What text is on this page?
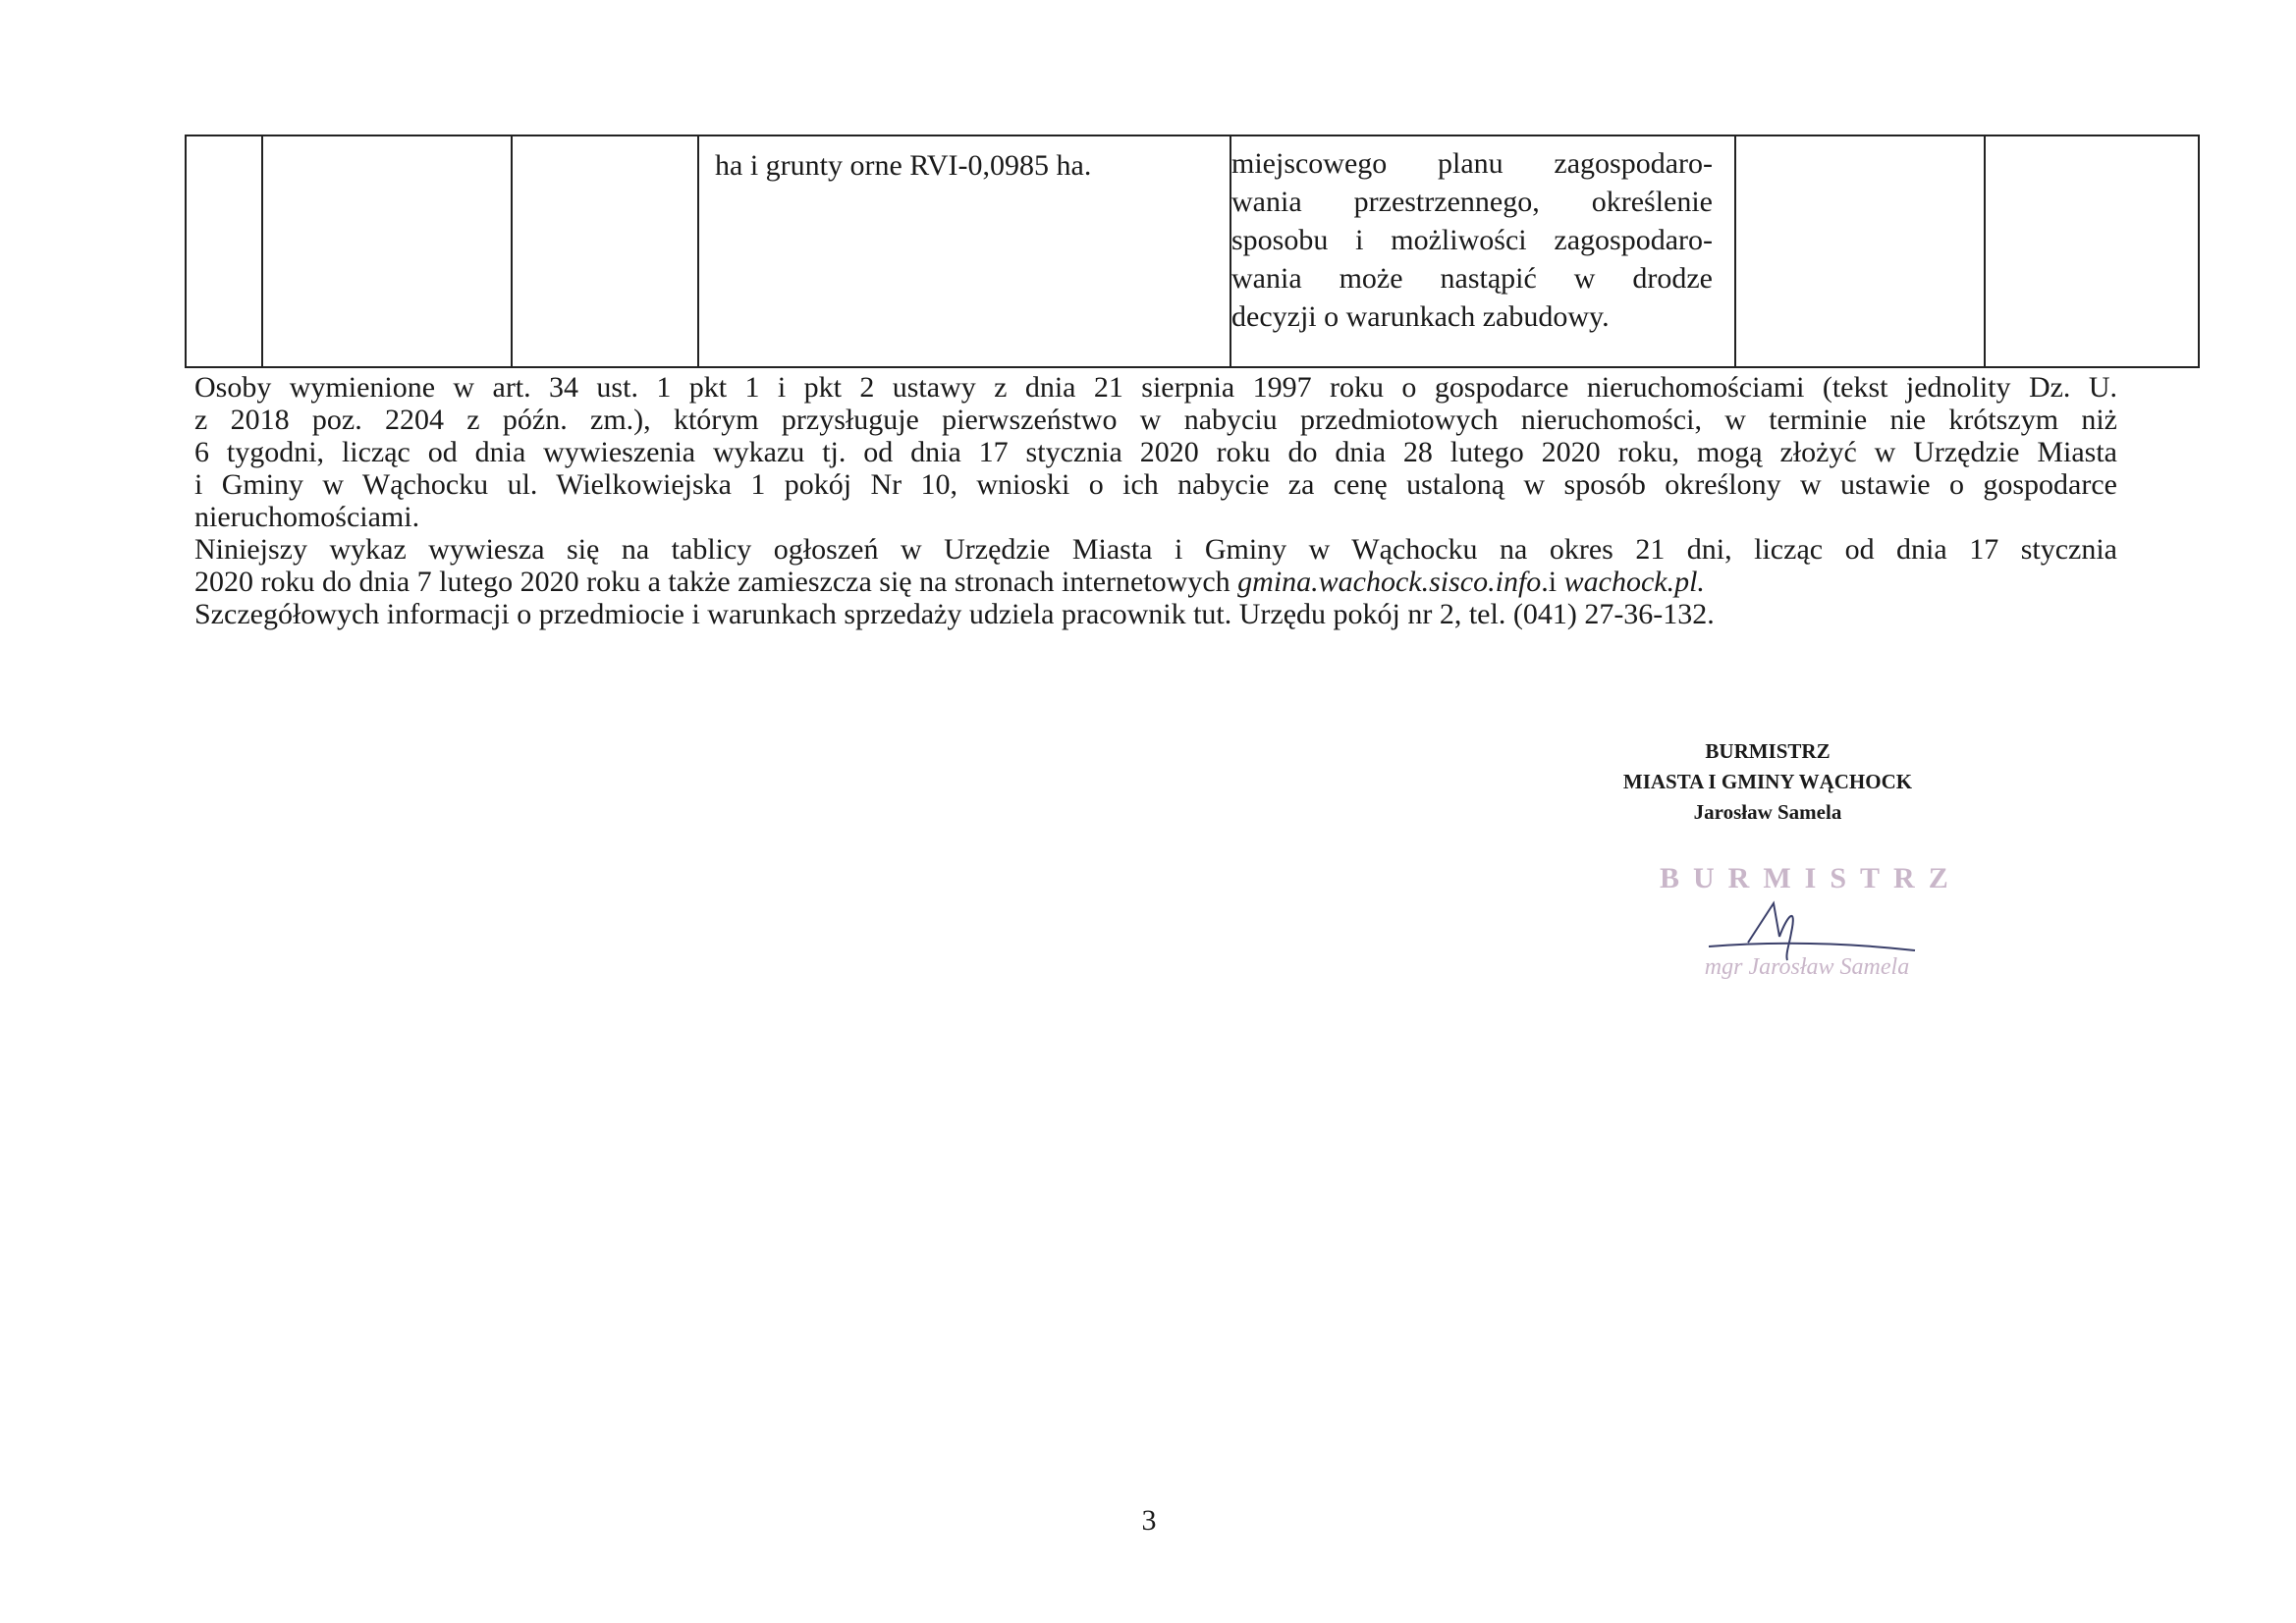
ha i grunty orne RVI-0,0985 ha.	miejscowego planu zagospodaro-
wania przestrzennego, określenie
sposobu i możliwości zagospodaro-
wania może nastąpić w drodze
decyzji o warunkach zabudowy.
Osoby wymienione w art. 34 ust. 1 pkt 1 i pkt 2 ustawy z dnia 21 sierpnia 1997 roku o gospodarce nieruchomościami (tekst jednolity Dz. U.
z 2018 poz. 2204 z późn. zm.), którym przysługuje pierwszeństwo w nabyciu przedmiotowych nieruchomości, w terminie nie krótszym niż
6 tygodni, licząc od dnia wywieszenia wykazu tj. od dnia 17 stycznia 2020 roku do dnia 28 lutego 2020 roku, mogą złożyć w Urzędzie Miasta
i Gminy w Wąchocku ul. Wielkowiejska 1 pokój Nr 10, wnioski o ich nabycie za cenę ustaloną w sposób określony w ustawie o gospodarce
nieruchomościami.
Niniejszy wykaz wywiesza się na tablicy ogłoszeń w Urzędzie Miasta i Gminy w Wąchocku na okres 21 dni, licząc od dnia 17 stycznia
2020 roku do dnia 7 lutego 2020 roku a także zamieszcza się na stronach internetowych gmina.wachock.sisco.info.i wachock.pl.
Szczegółowych informacji o przedmiocie i warunkach sprzedaży udziela pracownik tut. Urzędu pokój nr 2, tel. (041) 27-36-132.
BURMISTRZ
MIASTA I GMINY WĄCHOCK
Jarosław Samela
BURMISTRZ
mgr Jarosław Samela
3
